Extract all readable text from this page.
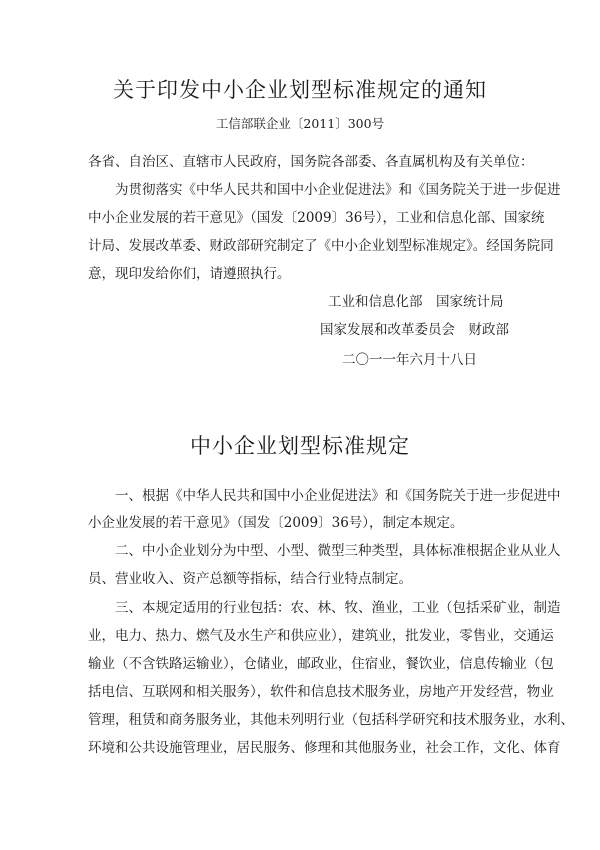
关于印发中小企业划型标准规定的通知
工信部联企业〔2011〕300号
各省、自治区、直辖市人民政府，国务院各部委、各直属机构及有关单位：
为贯彻落实《中华人民共和国中小企业促进法》和《国务院关于进一步促进
中小企业发展的若干意见》（国发〔2009〕36号），工业和信息化部、国家统
计局、发展改革委、财政部研究制定了《中小企业划型标准规定》。经国务院同
意，现印发给你们，请遵照执行。
工业和信息化部　国家统计局
国家发展和改革委员会　财政部
二〇一一年六月十八日
中小企业划型标准规定
一、根据《中华人民共和国中小企业促进法》和《国务院关于进一步促进中
小企业发展的若干意见》（国发〔2009〕36号），制定本规定。
二、中小企业划分为中型、小型、微型三种类型，具体标准根据企业从业人
员、营业收入、资产总额等指标，结合行业特点制定。
三、本规定适用的行业包括：农、林、牧、渔业，工业（包括采矿业，制造
业，电力、热力、燃气及水生产和供应业），建筑业，批发业，零售业，交通运
输业（不含铁路运输业），仓储业，邮政业，住宿业，餐饮业，信息传输业（包
括电信、互联网和相关服务），软件和信息技术服务业，房地产开发经营，物业
管理，租赁和商务服务业，其他未列明行业（包括科学研究和技术服务业，水利、
环境和公共设施管理业，居民服务、修理和其他服务业，社会工作，文化、体育
